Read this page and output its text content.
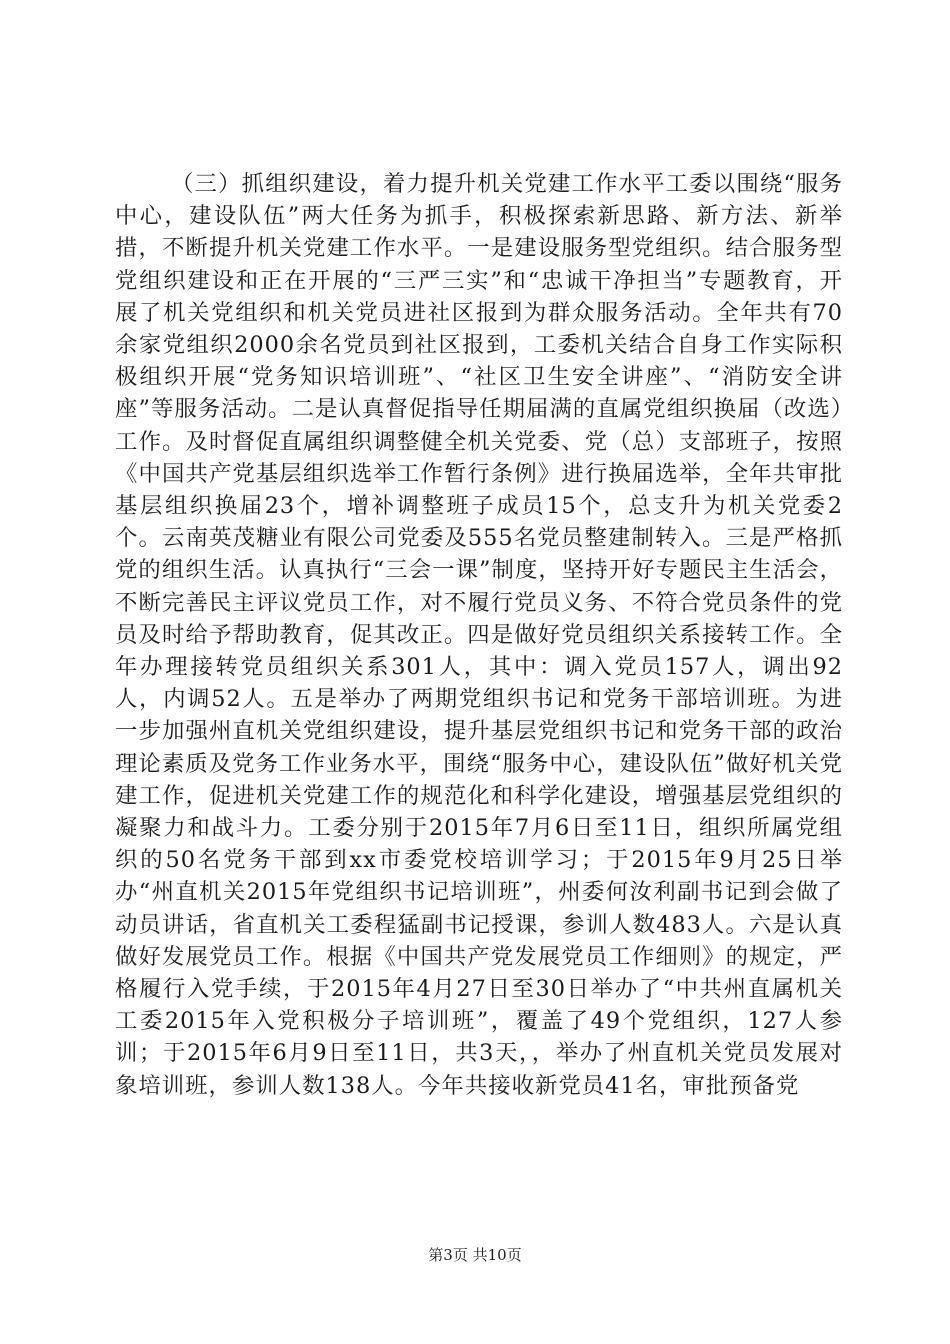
（三）抓组织建设，着力提升机关党建工作水平工委以围绕“服务中心，建设队伍”两大任务为抓手，积极探索新思路、新方法、新举措，不断提升机关党建工作水平。一是建设服务型党组织。结合服务型党组织建设和正在开展的“三严三实”和“忠诚干净担当”专题教育，开展了机关党组织和机关党员进社区报到为群众服务活动。全年共有70余家党组织2000余名党员到社区报到，工委机关结合自身工作实际积极组织开展“党务知识培训班”、“社区卫生安全讲座”、“消防安全讲座”等服务活动。二是认真督促指导任期届满的直属党组织换届（改选）工作。及时督促直属组织调整健全机关党委、党（总）支部班子，按照《中国共产党基层组织选举工作暂行条例》进行换届选举，全年共审批基层组织换届23个，增补调整班子成员15个，总支升为机关党委2个。云南英茂糖业有限公司党委及555名党员整建制转入。三是严格抓党的组织生活。认真执行“三会一课”制度，坚持开好专题民主生活会，不断完善民主评议党员工作，对不履行党员义务、不符合党员条件的党员及时给予帮助教育，促其改正。四是做好党员组织关系接转工作。全年办理接转党员组织关系301人，其中：调入党员157人，调出92人，内调52人。五是举办了两期党组织书记和党务干部培训班。为进一步加强州直机关党组织建设，提升基层党组织书记和党务干部的政治理论素质及党务工作业务水平，围绕“服务中心，建设队伍”做好机关党建工作，促进机关党建工作的规范化和科学化建设，增强基层党组织的凝聚力和战斗力。工委分别于2015年7月6日至11日，组织所属党组织的50名党务干部到xx市委党校培训学习；于2015年9月25日举办“州直机关2015年党组织书记培训班”，州委何汝利副书记到会做了动员讲话，省直机关工委程猛副书记授课，参训人数483人。六是认真做好发展党员工作。根据《中国共产党发展党员工作细则》的规定，严格履行入党手续，于2015年4月27日至30日举办了“中共州直属机关工委2015年入党积极分子培训班”，覆盖了49个党组织，127人参训；于2015年6月9日至11日，共3天，，举办了州直机关党员发展对象培训班，参训人数138人。今年共接收新党员41名，审批预备党

第3页 共10页
